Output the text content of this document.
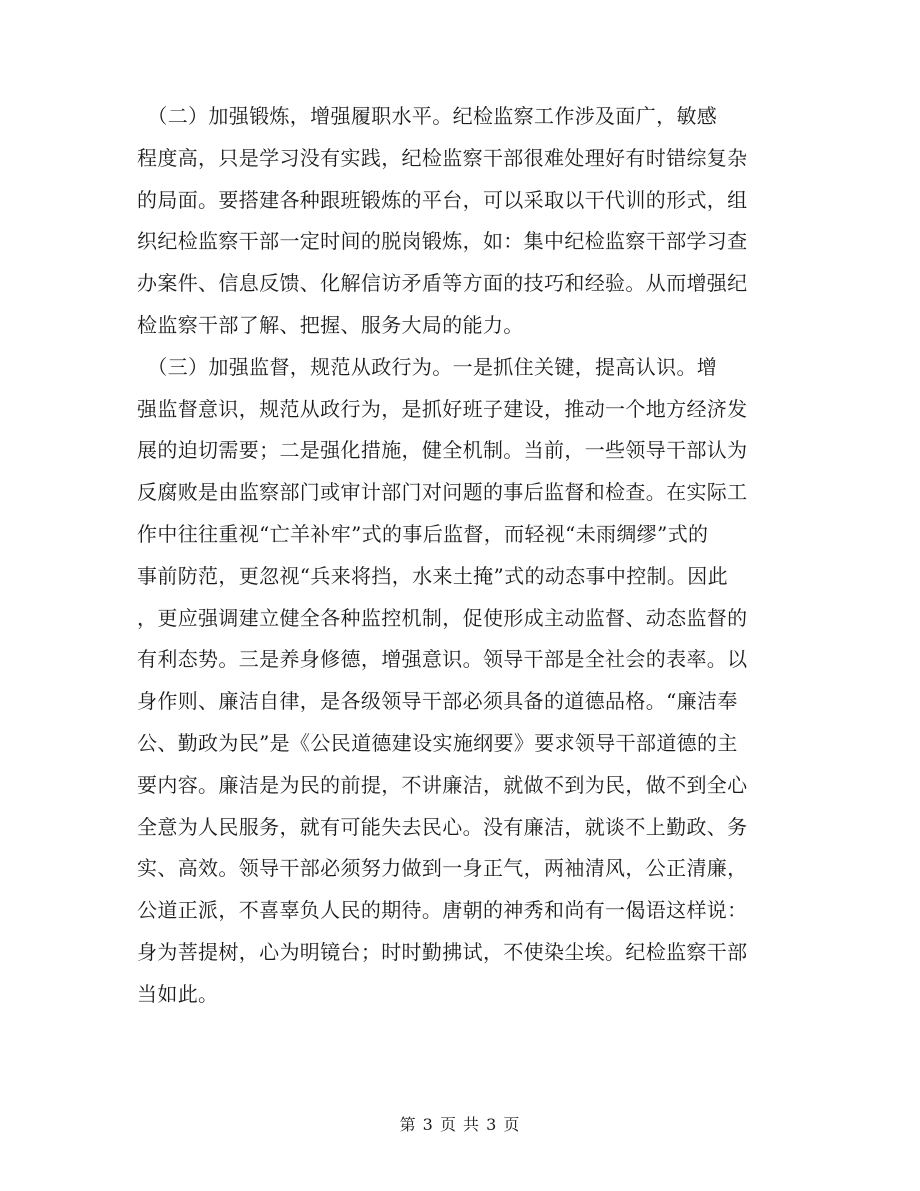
　（二）加强锻炼，增强履职水平。纪检监察工作涉及面广，敏感
程度高，只是学习没有实践，纪检监察干部很难处理好有时错综复杂
的局面。要搭建各种跟班锻炼的平台，可以采取以干代训的形式，组
织纪检监察干部一定时间的脱岗锻炼，如：集中纪检监察干部学习查
办案件、信息反馈、化解信访矛盾等方面的技巧和经验。从而增强纪
检监察干部了解、把握、服务大局的能力。
　（三）加强监督，规范从政行为。一是抓住关键，提高认识。增
强监督意识，规范从政行为，是抓好班子建设，推动一个地方经济发
展的迫切需要；二是强化措施，健全机制。当前，一些领导干部认为
反腐败是由监察部门或审计部门对问题的事后监督和检查。在实际工
作中往往重视“亡羊补牢”式的事后监督，而轻视“未雨绸缪”式的
事前防范，更忽视“兵来将挡，水来土掩”式的动态事中控制。因此
，更应强调建立健全各种监控机制，促使形成主动监督、动态监督的
有利态势。三是养身修德，增强意识。领导干部是全社会的表率。以
身作则、廉洁自律，是各级领导干部必须具备的道德品格。“廉洁奉
公、勤政为民”是《公民道德建设实施纲要》要求领导干部道德的主
要内容。廉洁是为民的前提，不讲廉洁，就做不到为民，做不到全心
全意为人民服务，就有可能失去民心。没有廉洁，就谈不上勤政、务
实、高效。领导干部必须努力做到一身正气，两袖清风，公正清廉，
公道正派，不喜辜负人民的期待。唐朝的神秀和尚有一偈语这样说：
身为菩提树，心为明镜台；时时勤拂试，不使染尘埃。纪检监察干部
当如此。
第 3 页 共 3 页
